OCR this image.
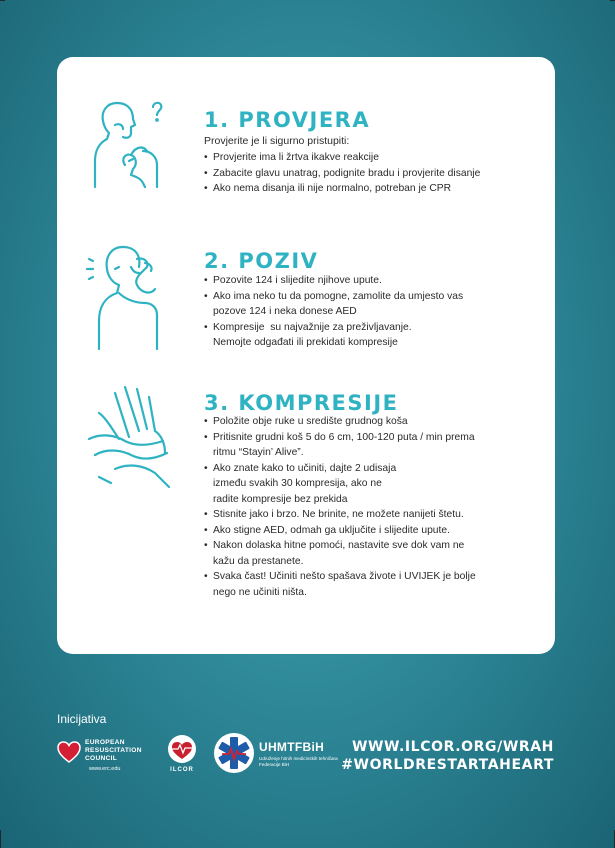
1. PROVJERA
Provjerite je li sigurno pristupiti:
• Provjerite ima li žrtva ikakve reakcije
• Zabacite glavu unatrag, podignite bradu i provjerite disanje
• Ako nema disanja ili nije normalno, potreban je CPR
2. POZIV
• Pozovite 124 i slijedite njihove upute.
• Ako ima neko tu da pomogne, zamolite da umjesto vas
pozove 124 i neka donese AED
• Kompresije  su najvažnije za preživljavanje.
Nemojte odgađati ili prekidati kompresije
3. KOMPRESIJE
• Položite obje ruke u središte grudnog koša
• Pritisnite grudni koš 5 do 6 cm, 100-120 puta / min prema
ritmu “Stayin’ Alive”.
• Ako znate kako to učiniti, dajte 2 udisaja
između svakih 30 kompresija, ako ne
radite kompresije bez prekida
• Stisnite jako i brzo. Ne brinite, ne možete nanijeti štetu.
• Ako stigne AED, odmah ga uključite i slijedite upute.
• Nakon dolaska hitne pomoći, nastavite sve dok vam ne
kažu da prestanete.
• Svaka čast! Učiniti nešto spašava živote i UVIJEK je bolje
nego ne učiniti ništa.
Inicijativa
EUROPEAN
RESUSCITATION
COUNCIL
www.erc.edu	ILCOR
UHMTFBiH
Udruženje hitnih medicinskih tehničara Federacije BiH
WWW.ILCOR.ORG/WRAH
#WORLDRESTARTAHEART
